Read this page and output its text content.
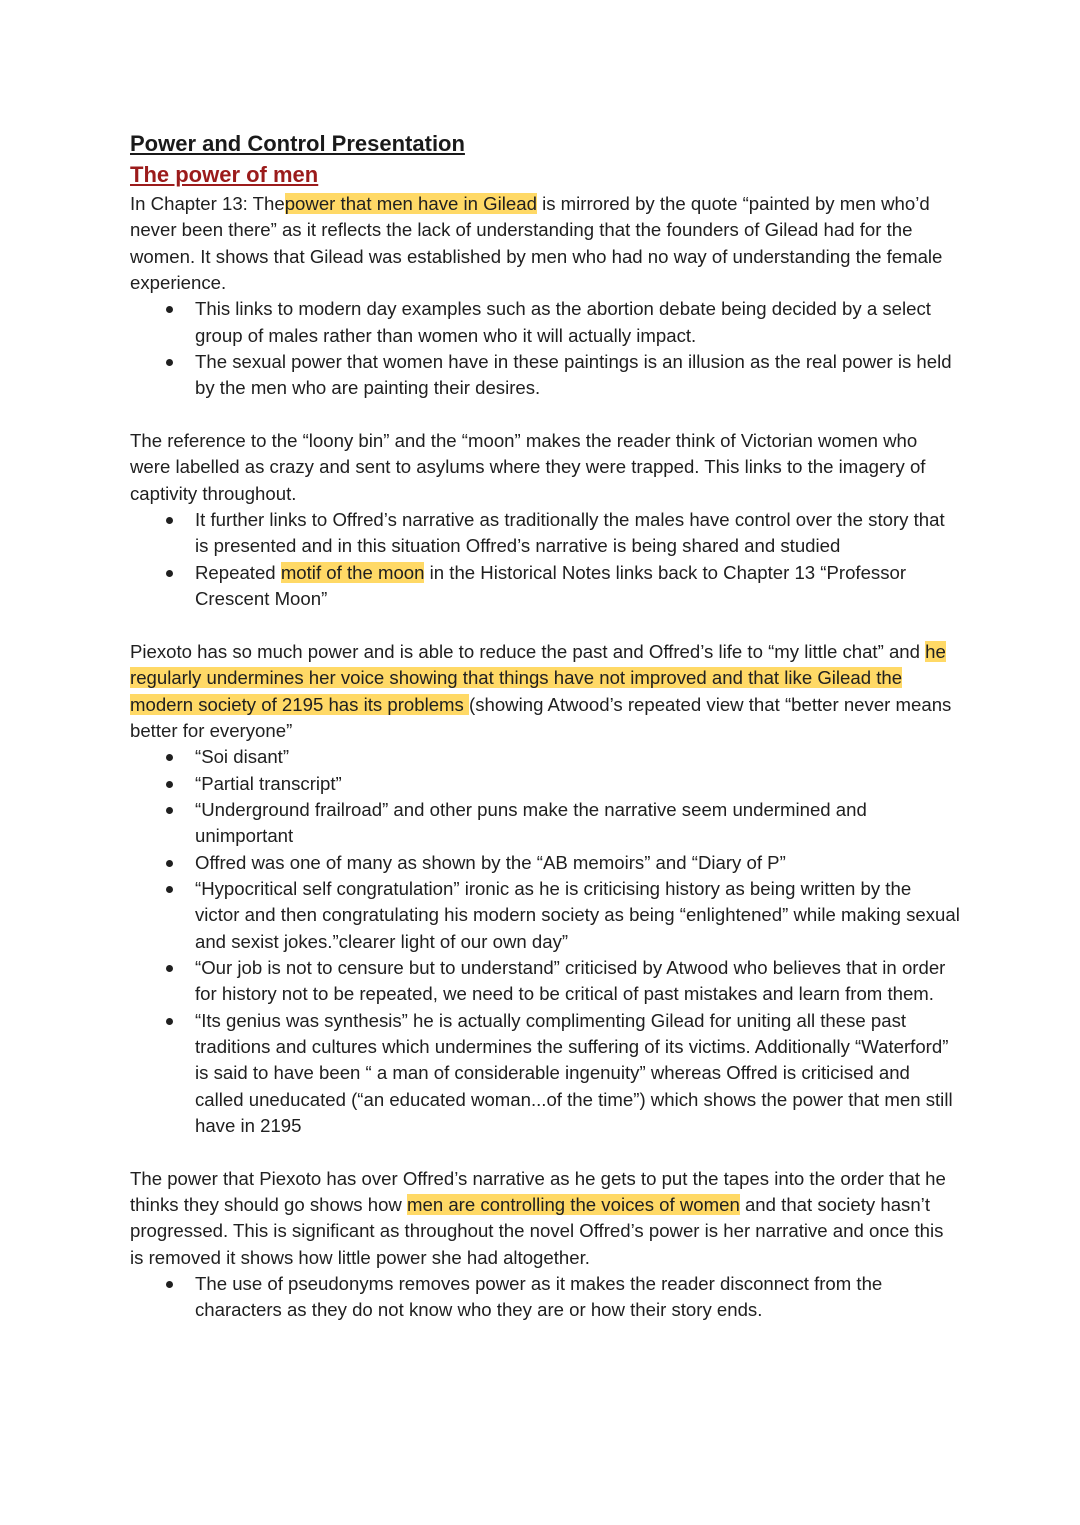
Power and Control Presentation
The power of men

In Chapter 13: Thepower that men have in Gilead is mirrored by the quote “painted by men who’d never been there” as it reflects the lack of understanding that the founders of Gilead had for the women. It shows that Gilead was established by men who had no way of understanding the female experience.

This links to modern day examples such as the abortion debate being decided by a select group of males rather than women who it will actually impact.
The sexual power that women have in these paintings is an illusion as the real power is held by the men who are painting their desires.

The reference to the “loony bin” and the “moon” makes the reader think of Victorian women who were labelled as crazy and sent to asylums where they were trapped. This links to the imagery of captivity throughout.

It further links to Offred’s narrative as traditionally the males have control over the story that is presented and in this situation Offred’s narrative is being shared and studied
Repeated motif of the moon in the Historical Notes links back to Chapter 13 “Professor Crescent Moon”

Piexoto has so much power and is able to reduce the past and Offred’s life to “my little chat” and he regularly undermines her voice showing that things have not improved and that like Gilead the modern society of 2195 has its problems (showing Atwood’s repeated view that “better never means better for everyone”

“Soi disant”
“Partial transcript”
“Underground frailroad” and other puns make the narrative seem undermined and unimportant
Offred was one of many as shown by the “AB memoirs” and “Diary of P”
“Hypocritical self congratulation” ironic as he is criticising history as being written by the victor and then congratulating his modern society as being “enlightened” while making sexual and sexist jokes.”clearer light of our own day”
“Our job is not to censure but to understand” criticised by Atwood who believes that in order for history not to be repeated, we need to be critical of past mistakes and learn from them.
“Its genius was synthesis” he is actually complimenting Gilead for uniting all these past traditions and cultures which undermines the suffering of its victims. Additionally “Waterford” is said to have been “ a man of considerable ingenuity” whereas Offred is criticised and called uneducated (“an educated woman...of the time”) which shows the power that men still have in 2195

The power that Piexoto has over Offred’s narrative as he gets to put the tapes into the order that he thinks they should go shows how men are controlling the voices of women and that society hasn’t progressed. This is significant as throughout the novel Offred’s power is her narrative and once this is removed it shows how little power she had altogether.

The use of pseudonyms removes power as it makes the reader disconnect from the characters as they do not know who they are or how their story ends.
